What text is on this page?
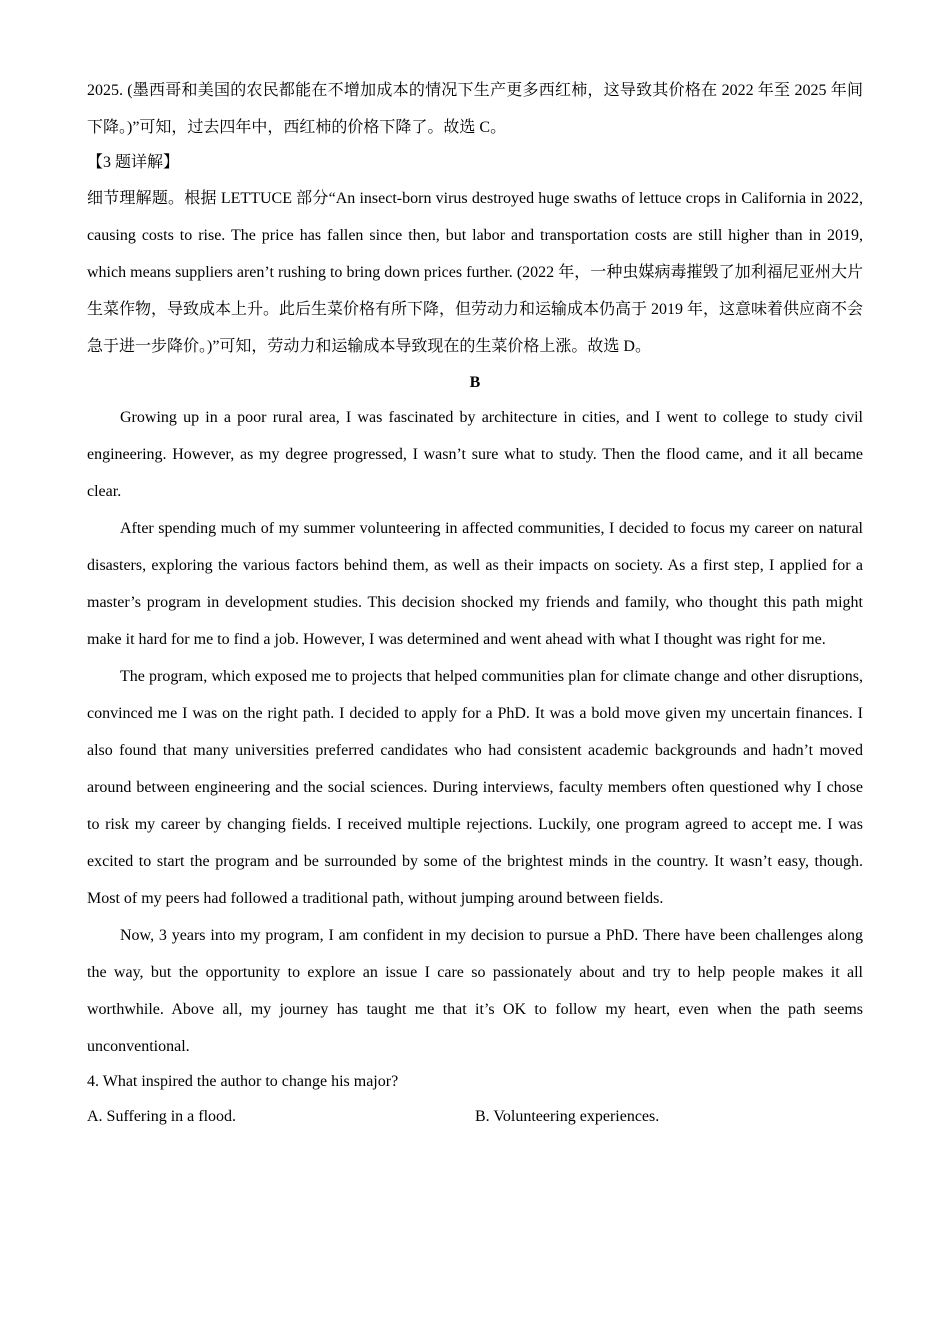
2025. (墨西哥和美国的农民都能在不增加成本的情况下生产更多西红柿，这导致其价格在 2022 年至 2025 年间下降。)”可知，过去四年中，西红柿的价格下降了。故选 C。

【3 题详解】

细节理解题。根据 LETTUCE 部分“An insect-born virus destroyed huge swaths of lettuce crops in California in 2022, causing costs to rise. The price has fallen since then, but labor and transportation costs are still higher than in 2019, which means suppliers aren’t rushing to bring down prices further. (2022 年，一种虫媒病毒摧毁了加利福尼亚州大片生菜作物，导致成本上升。此后生菜价格有所下降，但劳动力和运输成本仍高于 2019 年，这意味着供应商不会急于进一步降价。)”可知，劳动力和运输成本导致现在的生菜价格上涨。故选 D。

B

Growing up in a poor rural area, I was fascinated by architecture in cities, and I went to college to study civil engineering. However, as my degree progressed, I wasn’t sure what to study. Then the flood came, and it all became clear.

After spending much of my summer volunteering in affected communities, I decided to focus my career on natural disasters, exploring the various factors behind them, as well as their impacts on society. As a first step, I applied for a master’s program in development studies. This decision shocked my friends and family, who thought this path might make it hard for me to find a job. However, I was determined and went ahead with what I thought was right for me.

The program, which exposed me to projects that helped communities plan for climate change and other disruptions, convinced me I was on the right path. I decided to apply for a PhD. It was a bold move given my uncertain finances. I also found that many universities preferred candidates who had consistent academic backgrounds and hadn’t moved around between engineering and the social sciences. During interviews, faculty members often questioned why I chose to risk my career by changing fields. I received multiple rejections. Luckily, one program agreed to accept me. I was excited to start the program and be surrounded by some of the brightest minds in the country. It wasn’t easy, though. Most of my peers had followed a traditional path, without jumping around between fields.

Now, 3 years into my program, I am confident in my decision to pursue a PhD. There have been challenges along the way, but the opportunity to explore an issue I care so passionately about and try to help people makes it all worthwhile. Above all, my journey has taught me that it’s OK to follow my heart, even when the path seems unconventional.

4. What inspired the author to change his major?

A. Suffering in a flood.	B. Volunteering experiences.
